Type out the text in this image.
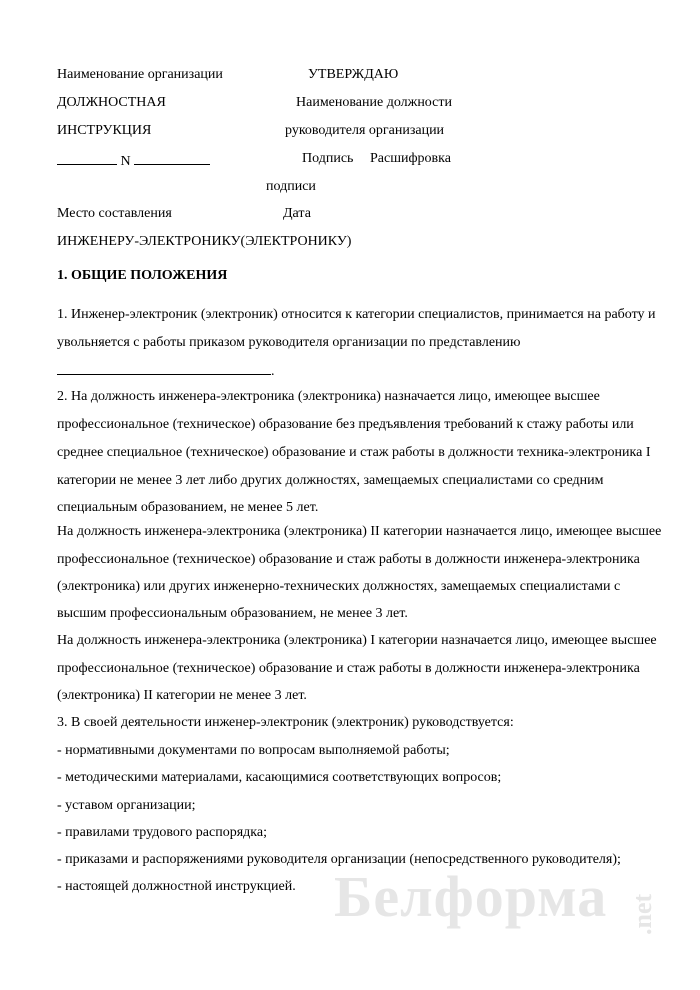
Наименование организации	УТВЕРЖДАЮ
ДОЛЖНОСТНАЯ	Наименование должности
ИНСТРУКЦИЯ	руководителя организации
N	Подпись Расшифровка
подписи
Место составления	Дата
ИНЖЕНЕРУ-ЭЛЕКТРОНИКУ(ЭЛЕКТРОНИКУ)
1. ОБЩИЕ ПОЛОЖЕНИЯ
1. Инженер-электроник (электроник) относится к категории специалистов, принимается на работу и
увольняется с работы приказом руководителя организации по представлению
.
2. На должность инженера-электроника (электроника) назначается лицо, имеющее высшее
профессиональное (техническое) образование без предъявления требований к стажу работы или
среднее специальное (техническое) образование и стаж работы в должности техника-электроника I
категории не менее 3 лет либо других должностях, замещаемых специалистами со средним
специальным образованием, не менее 5 лет.
На должность инженера-электроника (электроника) II категории назначается лицо, имеющее высшее
профессиональное (техническое) образование и стаж работы в должности инженера-электроника
(электроника) или других инженерно-технических должностях, замещаемых специалистами с
высшим профессиональным образованием, не менее 3 лет.
На должность инженера-электроника (электроника) I категории назначается лицо, имеющее высшее
профессиональное (техническое) образование и стаж работы в должности инженера-электроника
(электроника) II категории не менее 3 лет.
3. В своей деятельности инженер-электроник (электроник) руководствуется:
- нормативными документами по вопросам выполняемой работы;
- методическими материалами, касающимися соответствующих вопросов;
- уставом организации;
- правилами трудового распорядка;
- приказами и распоряжениями руководителя организации (непосредственного руководителя);
- настоящей должностной инструкцией. Белформа .net
